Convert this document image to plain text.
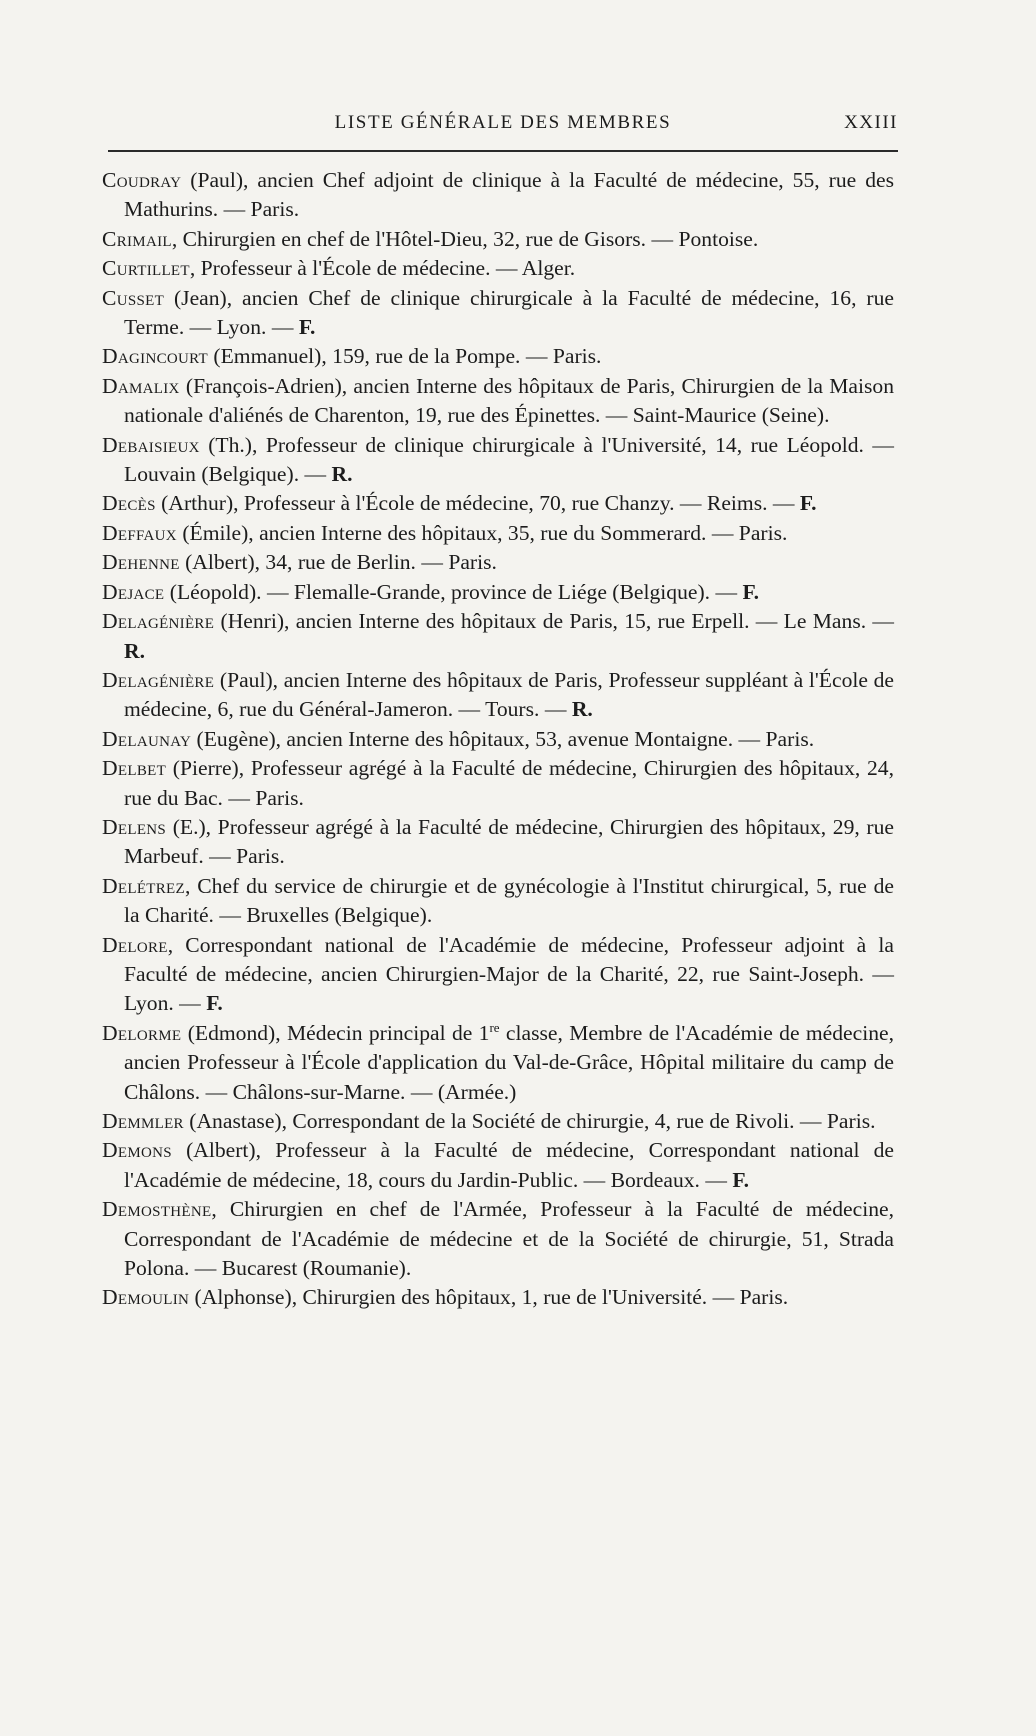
LISTE GÉNÉRALE DES MEMBRES	XXIII

Coudray (Paul), ancien Chef adjoint de clinique à la Faculté de médecine, 55, rue des Mathurins. — Paris.

Crimail, Chirurgien en chef de l'Hôtel-Dieu, 32, rue de Gisors. — Pontoise.

Curtillet, Professeur à l'École de médecine. — Alger.

Cusset (Jean), ancien Chef de clinique chirurgicale à la Faculté de médecine, 16, rue Terme. — Lyon. — F.

Dagincourt (Emmanuel), 159, rue de la Pompe. — Paris.

Damalix (François-Adrien), ancien Interne des hôpitaux de Paris, Chirurgien de la Maison nationale d'aliénés de Charenton, 19, rue des Épinettes. — Saint-Maurice (Seine).

Debaisieux (Th.), Professeur de clinique chirurgicale à l'Université, 14, rue Léopold. — Louvain (Belgique). — R.

Decès (Arthur), Professeur à l'École de médecine, 70, rue Chanzy. — Reims. — F.

Deffaux (Émile), ancien Interne des hôpitaux, 35, rue du Sommerard. — Paris.

Dehenne (Albert), 34, rue de Berlin. — Paris.

Dejace (Léopold). — Flemalle-Grande, province de Liége (Belgique). — F.

Delagénière (Henri), ancien Interne des hôpitaux de Paris, 15, rue Erpell. — Le Mans. — R.

Delagénière (Paul), ancien Interne des hôpitaux de Paris, Professeur suppléant à l'École de médecine, 6, rue du Général-Jameron. — Tours. — R.

Delaunay (Eugène), ancien Interne des hôpitaux, 53, avenue Montaigne. — Paris.

Delbet (Pierre), Professeur agrégé à la Faculté de médecine, Chirurgien des hôpitaux, 24, rue du Bac. — Paris.

Delens (E.), Professeur agrégé à la Faculté de médecine, Chirurgien des hôpitaux, 29, rue Marbeuf. — Paris.

Delétrez, Chef du service de chirurgie et de gynécologie à l'Institut chirurgical, 5, rue de la Charité. — Bruxelles (Belgique).

Delore, Correspondant national de l'Académie de médecine, Professeur adjoint à la Faculté de médecine, ancien Chirurgien-Major de la Charité, 22, rue Saint-Joseph. — Lyon. — F.

Delorme (Edmond), Médecin principal de 1re classe, Membre de l'Académie de médecine, ancien Professeur à l'École d'application du Val-de-Grâce, Hôpital militaire du camp de Châlons. — Châlons-sur-Marne. — (Armée.)

Demmler (Anastase), Correspondant de la Société de chirurgie, 4, rue de Rivoli. — Paris.

Demons (Albert), Professeur à la Faculté de médecine, Correspondant national de l'Académie de médecine, 18, cours du Jardin-Public. — Bordeaux. — F.

Demosthène, Chirurgien en chef de l'Armée, Professeur à la Faculté de médecine, Correspondant de l'Académie de médecine et de la Société de chirurgie, 51, Strada Polona. — Bucarest (Roumanie).

Demoulin (Alphonse), Chirurgien des hôpitaux, 1, rue de l'Université. — Paris.
